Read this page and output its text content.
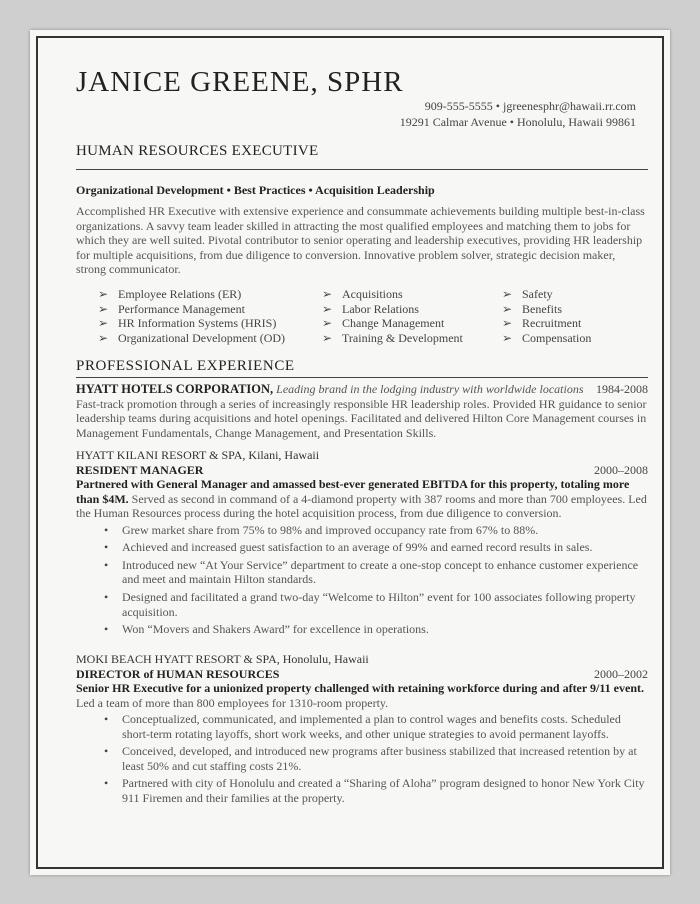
JANICE GREENE, SPHR
909-555-5555 • jgreenesphr@hawaii.rr.com
19291 Calmar Avenue • Honolulu, Hawaii 99861
HUMAN RESOURCES EXECUTIVE
Organizational Development • Best Practices • Acquisition Leadership
Accomplished HR Executive with extensive experience and consummate achievements building multiple best-in-class organizations. A savvy team leader skilled in attracting the most qualified employees and matching them to jobs for which they are well suited. Pivotal contributor to senior operating and leadership executives, providing HR leadership for multiple acquisitions, from due diligence to conversion. Innovative problem solver, strategic decision maker, strong communicator.
➢ Employee Relations (ER)
➢ Performance Management
➢ HR Information Systems (HRIS)
➢ Organizational Development (OD)
➢ Acquisitions
➢ Labor Relations
➢ Change Management
➢ Training & Development
➢ Safety
➢ Benefits
➢ Recruitment
➢ Compensation
PROFESSIONAL EXPERIENCE
HYATT HOTELS CORPORATION, Leading brand in the lodging industry with worldwide locations 1984-2008
Fast-track promotion through a series of increasingly responsible HR leadership roles. Provided HR guidance to senior leadership teams during acquisitions and hotel openings. Facilitated and delivered Hilton Core Management courses in Management Fundamentals, Change Management, and Presentation Skills.
HYATT KILANI RESORT & SPA, Kilani, Hawaii
RESIDENT MANAGER	2000–2008
Partnered with General Manager and amassed best-ever generated EBITDA for this property, totaling more than $4M. Served as second in command of a 4-diamond property with 387 rooms and more than 700 employees. Led the Human Resources process during the hotel acquisition process, from due diligence to conversion.
• Grew market share from 75% to 98% and improved occupancy rate from 67% to 88%.
• Achieved and increased guest satisfaction to an average of 99% and earned record results in sales.
• Introduced new “At Your Service” department to create a one-stop concept to enhance customer experience and meet and maintain Hilton standards.
• Designed and facilitated a grand two-day “Welcome to Hilton” event for 100 associates following property acquisition.
• Won “Movers and Shakers Award” for excellence in operations.
MOKI BEACH HYATT RESORT & SPA, Honolulu, Hawaii
DIRECTOR of HUMAN RESOURCES	2000–2002
Senior HR Executive for a unionized property challenged with retaining workforce during and after 9/11 event. Led a team of more than 800 employees for 1310-room property.
• Conceptualized, communicated, and implemented a plan to control wages and benefits costs. Scheduled short-term rotating layoffs, short work weeks, and other unique strategies to avoid permanent layoffs.
• Conceived, developed, and introduced new programs after business stabilized that increased retention by at least 50% and cut staffing costs 21%.
• Partnered with city of Honolulu and created a “Sharing of Aloha” program designed to honor New York City 911 Firemen and their families at the property.
